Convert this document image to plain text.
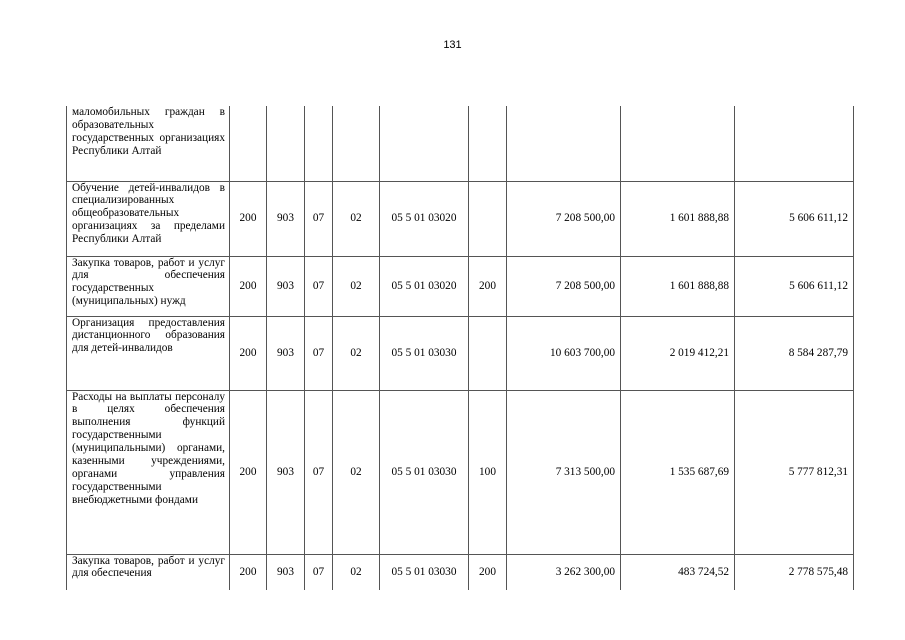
131
маломобильных граждан в образовательных государственных организациях Республики Алтай									
Обучение детей-инвалидов в специализированных общеобразовательных организациях за пределами Республики Алтай	200	903	07	02	05 5 01 03020		7 208 500,00	1 601 888,88	5 606 611,12
Закупка товаров, работ и услуг для обеспечения государственных (муниципальных) нужд	200	903	07	02	05 5 01 03020	200	7 208 500,00	1 601 888,88	5 606 611,12
Организация предоставления дистанционного образования для детей-инвалидов	200	903	07	02	05 5 01 03030		10 603 700,00	2 019 412,21	8 584 287,79
Расходы на выплаты персоналу в целях обеспечения выполнения функций государственными (муниципальными) органами, казенными учреждениями, органами управления государственными внебюджетными фондами	200	903	07	02	05 5 01 03030	100	7 313 500,00	1 535 687,69	5 777 812,31
Закупка товаров, работ и услуг для обеспечения	200	903	07	02	05 5 01 03030	200	3 262 300,00	483 724,52	2 778 575,48
